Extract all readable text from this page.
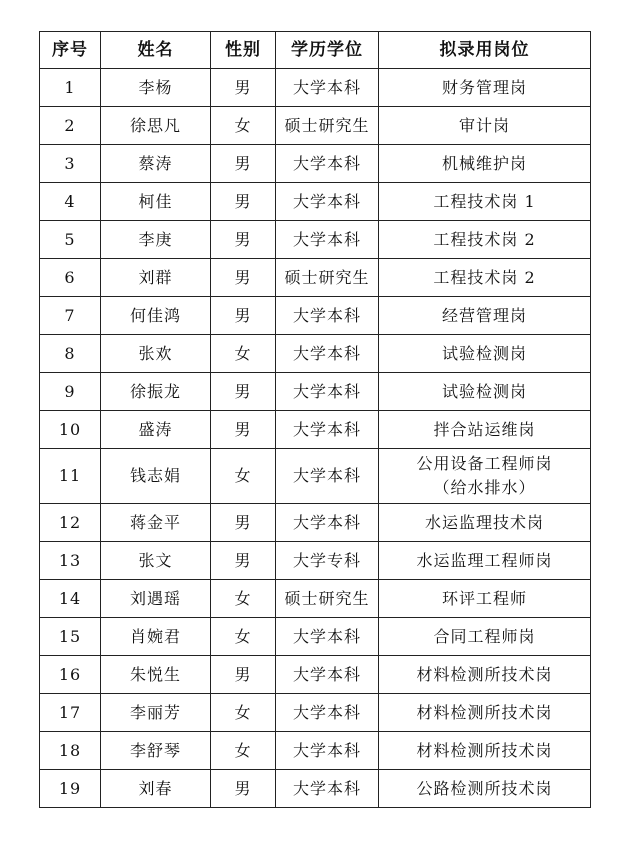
序号	姓名	性别	学历学位	拟录用岗位
1	李杨	男	大学本科	财务管理岗

2	徐思凡	女	硕士研究生	审计岗

3	蔡涛	男	大学本科	机械维护岗

4	柯佳	男	大学本科	工程技术岗 1

5	李庚	男	大学本科	工程技术岗 2

6	刘群	男	硕士研究生	工程技术岗 2

7	何佳鸿	男	大学本科	经营管理岗

8	张欢	女	大学本科	试验检测岗

9	徐振龙	男	大学本科	试验检测岗

10	盛涛	男	大学本科	拌合站运维岗

11	钱志娟	女	大学本科	公用设备工程师岗
（给水排水）

12	蒋金平	男	大学本科	水运监理技术岗

13	张文	男	大学专科	水运监理工程师岗

14	刘遇瑶	女	硕士研究生	环评工程师

15	肖婉君	女	大学本科	合同工程师岗

16	朱悦生	男	大学本科	材料检测所技术岗

17	李丽芳	女	大学本科	材料检测所技术岗

18	李舒琴	女	大学本科	材料检测所技术岗

19	刘春	男	大学本科	公路检测所技术岗
